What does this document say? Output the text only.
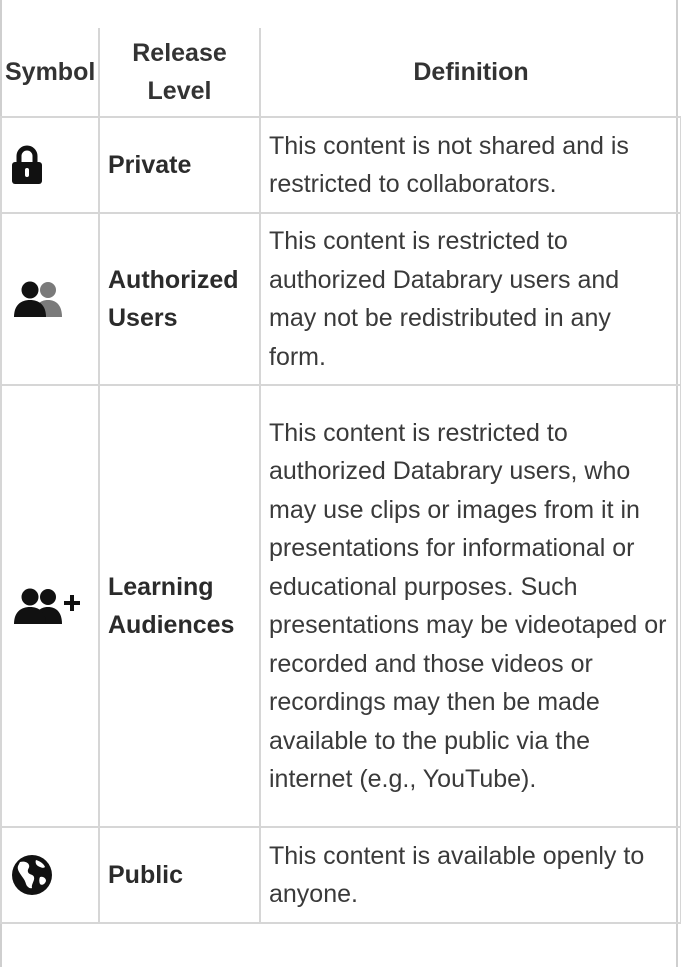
Symbol	Release Level	Definition

	Private	This content is not shared and is restricted to collaborators.

	Authorized Users	This content is restricted to authorized Databrary users and may not be redistributed in any form.

	Learning Audiences	This content is restricted to authorized Databrary users, who may use clips or images from it in presentations for informational or educational purposes. Such presentations may be videotaped or recorded and those videos or recordings may then be made available to the public via the internet (e.g., YouTube).

	Public	This content is available openly to anyone.
